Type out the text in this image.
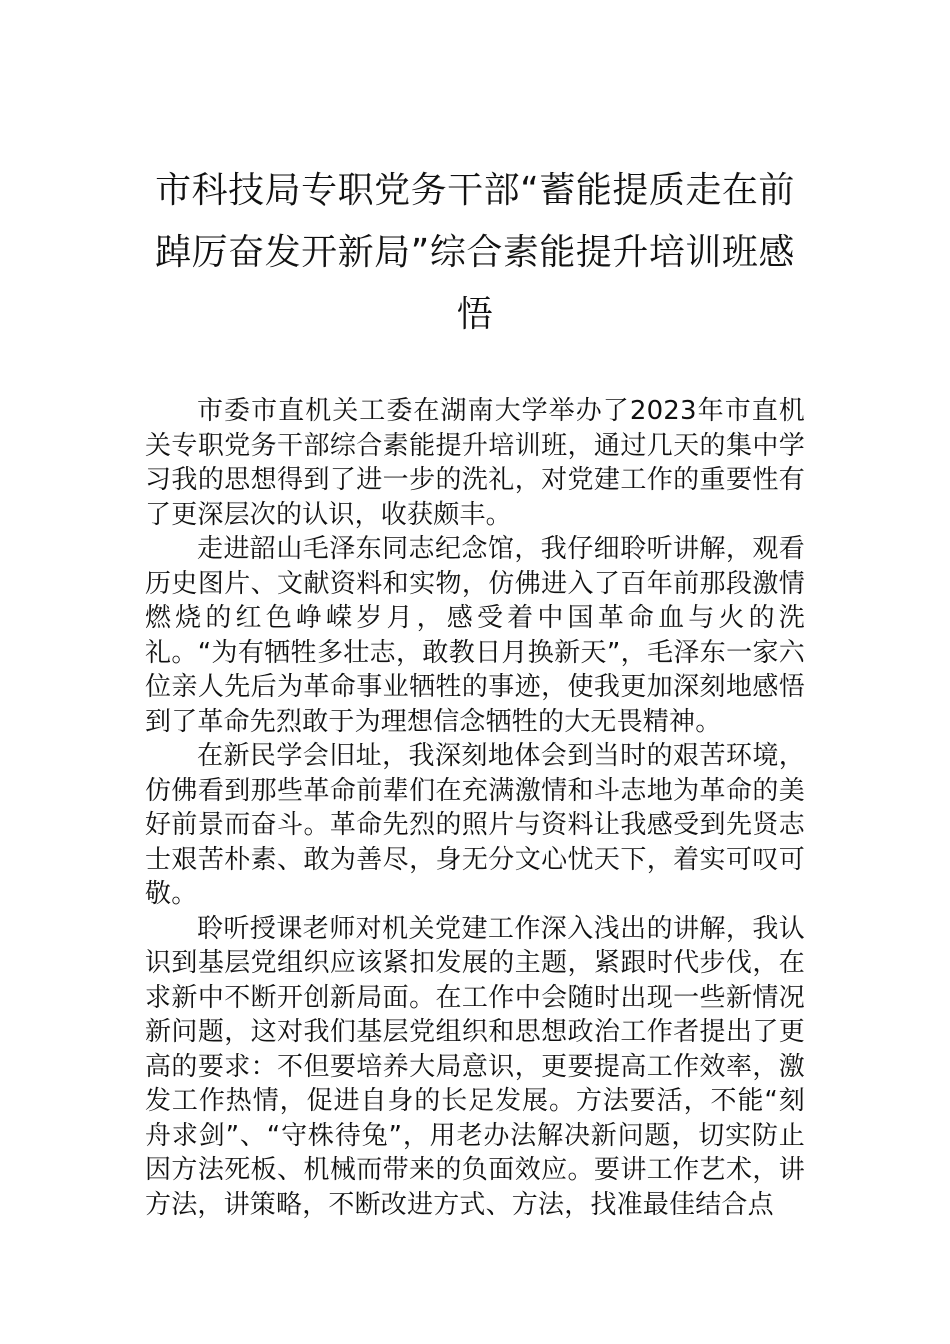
市科技局专职党务干部“蓄能提质走在前
踔厉奋发开新局”综合素能提升培训班感
悟

市委市直机关工委在湖南大学举办了2023年市直机关专职党务干部综合素能提升培训班，通过几天的集中学习我的思想得到了进一步的洗礼，对党建工作的重要性有了更深层次的认识，收获颇丰。

走进韶山毛泽东同志纪念馆，我仔细聆听讲解，观看历史图片、文献资料和实物，仿佛进入了百年前那段激情燃烧的红色峥嵘岁月，感受着中国革命血与火的洗礼。“为有牺牲多壮志，敢教日月换新天”，毛泽东一家六位亲人先后为革命事业牺牲的事迹，使我更加深刻地感悟到了革命先烈敢于为理想信念牺牲的大无畏精神。

在新民学会旧址，我深刻地体会到当时的艰苦环境，仿佛看到那些革命前辈们在充满激情和斗志地为革命的美好前景而奋斗。革命先烈的照片与资料让我感受到先贤志士艰苦朴素、敢为善尽，身无分文心忧天下，着实可叹可敬。

聆听授课老师对机关党建工作深入浅出的讲解，我认识到基层党组织应该紧扣发展的主题，紧跟时代步伐，在求新中不断开创新局面。在工作中会随时出现一些新情况新问题，这对我们基层党组织和思想政治工作者提出了更高的要求：不但要培养大局意识，更要提高工作效率，激发工作热情，促进自身的长足发展。方法要活，不能“刻舟求剑”、“守株待兔”，用老办法解决新问题，切实防止因方法死板、机械而带来的负面效应。要讲工作艺术，讲方法，讲策略，不断改进方式、方法，找准最佳结合点
